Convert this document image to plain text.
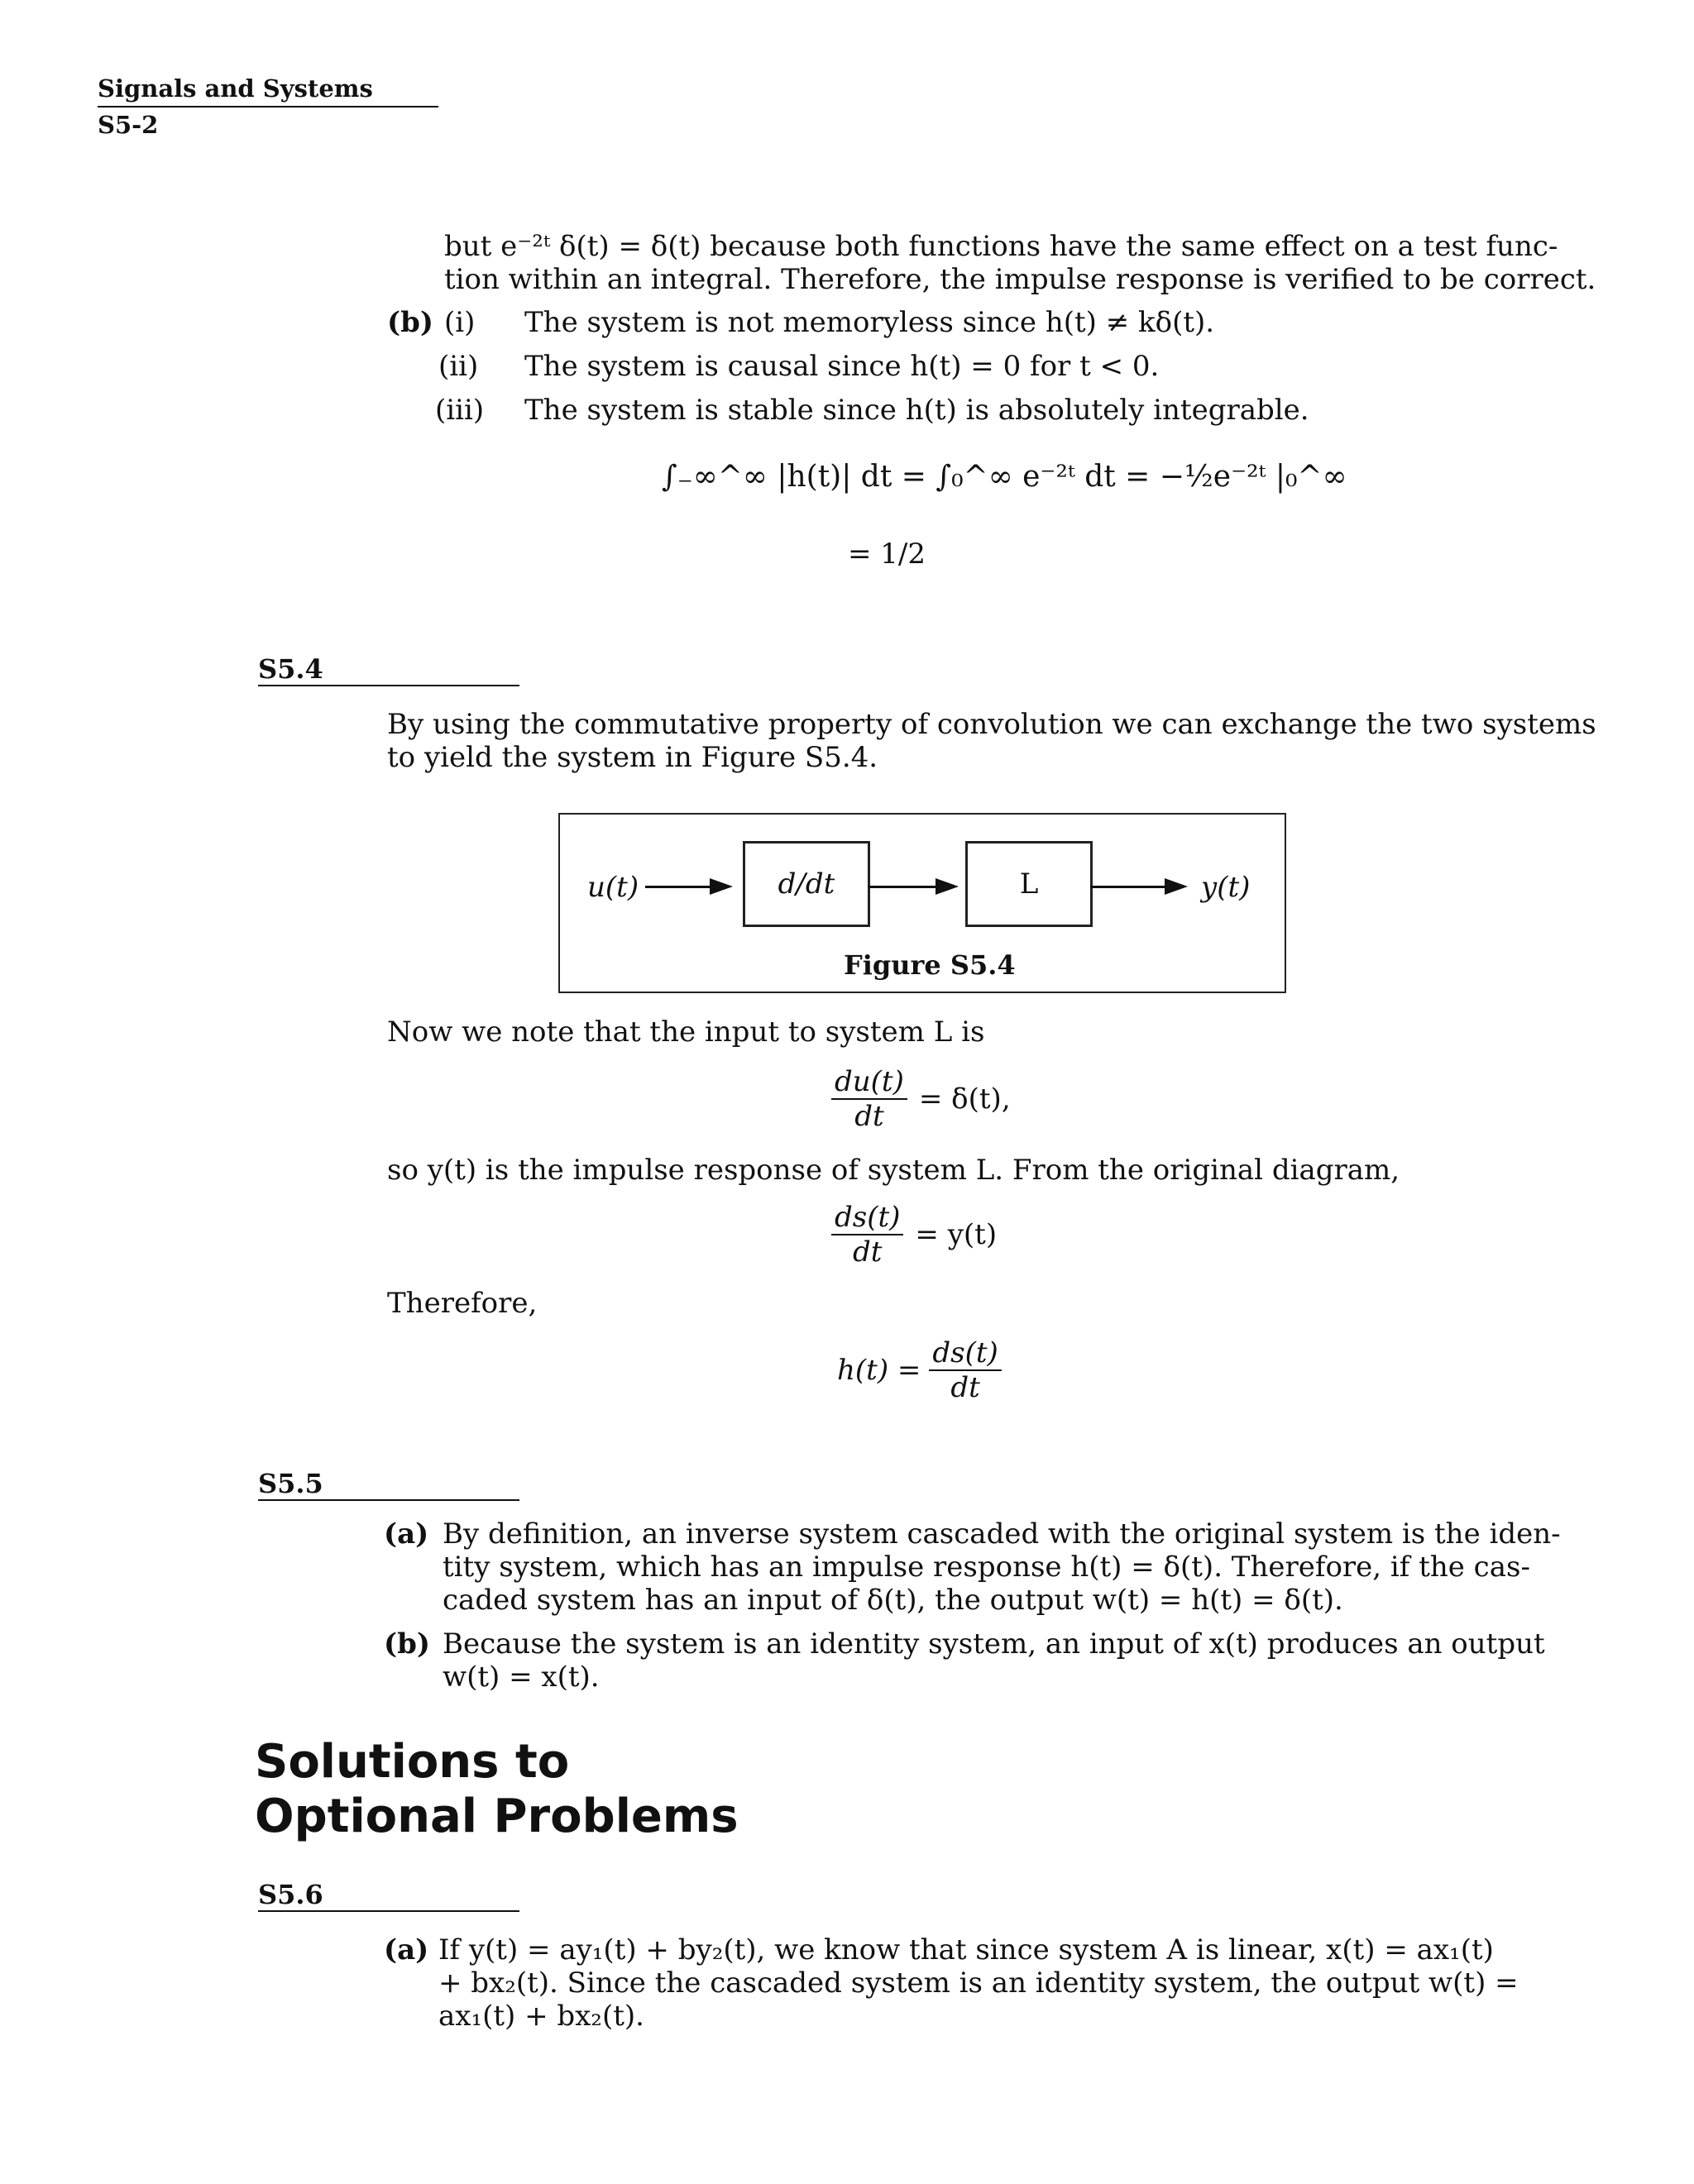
Signals and Systems
S5-2
but e⁻²ᵗ δ(t) = δ(t) because both functions have the same effect on a test func-
tion within an integral. Therefore, the impulse response is verified to be correct.
(b) (i) The system is not memoryless since h(t) ≠ kδ(t).
(ii) The system is causal since h(t) = 0 for t < 0.
(iii) The system is stable since h(t) is absolutely integrable.
∫₋∞^∞ |h(t)| dt = ∫₀^∞ e⁻²ᵗ dt = −½e⁻²ᵗ |₀^∞
= 1/2
S5.4
By using the commutative property of convolution we can exchange the two systems
to yield the system in Figure S5.4.
u(t)	d/dt	L	y(t)
Figure S5.4
Now we note that the input to system L is
$\frac{du(t)}{dt} = \delta(t)$,
so y(t) is the impulse response of system L. From the original diagram,
$\frac{ds(t)}{dt} = y(t)$
Therefore,
$h(t) = \frac{ds(t)}{dt}$
S5.5
(a) By definition, an inverse system cascaded with the original system is the iden-
tity system, which has an impulse response h(t) = δ(t). Therefore, if the cas-
caded system has an input of δ(t), the output w(t) = h(t) = δ(t).
(b) Because the system is an identity system, an input of x(t) produces an output
w(t) = x(t).
Solutions to
Optional Problems
S5.6
(a) If y(t) = ay₁(t) + by₂(t), we know that since system A is linear, x(t) = ax₁(t)
+ bx₂(t). Since the cascaded system is an identity system, the output w(t) =
ax₁(t) + bx₂(t).
